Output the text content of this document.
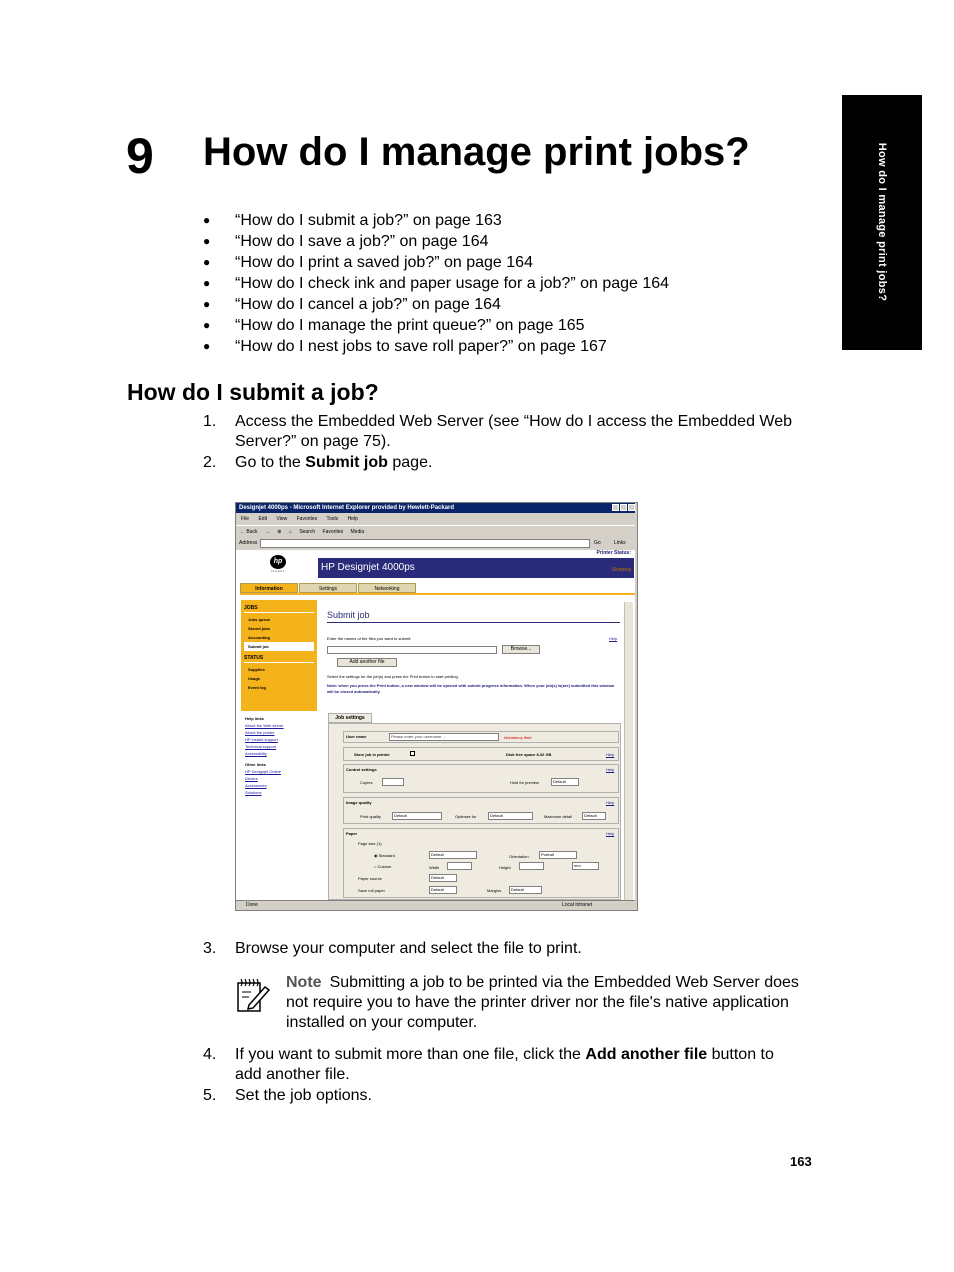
How do I manage print jobs?
9 How do I manage print jobs?
● “How do I submit a job?” on page 163
● “How do I save a job?” on page 164
● “How do I print a saved job?” on page 164
● “How do I check ink and paper usage for a job?” on page 164
● “How do I cancel a job?” on page 164
● “How do I manage the print queue?” on page 165
● “How do I nest jobs to save roll paper?” on page 167
How do I submit a job?
1. Access the Embedded Web Server (see “How do I access the Embedded Web Server?” on page 75).
2. Go to the Submit job page.
Designjet 4000ps - Microsoft Internet Explorer provided by Hewlett-Packard
File Edit View Favorites Tools Help
← Back → ⊗ ⌂ Search Favorites Media
Address	Go	Links
hp
invent	HP Designjet 4000ps
Printer Status:
Sleeping
Information	Settings	Networking
JOBS
Jobs queue
Stored jobs
Accounting
Submit job
STATUS
Supplies
Usage
Event log
Help links
About the Web server
About the printer
HP instant support
Technical support
Accessibility
Other links
HP Designjet Online
Drivers
Accessories
Solutions
Submit job
Enter the names of the files you want to submit:	Help
Browse...
Add another file
Select the settings for the job(s) and press the Print button to start printing.
Note: when you press the Print button, a new window will be opened with submit progress information. When your job(s) is(are) submitted this window will be closed automatically.
Job settings
User name	Please enter your username ...	Mandatory field
Store job in printer	Disk free space 8.32 GB	Help
Control settings	Help
Copies	Hold for preview	Default
Image quality	Help
Print quality	Default	Optimize for	Default	Maximum detail	Default
Paper	Help
Page size (1)
◉ Standard
○ Custom
Default	Orientation	Portrait
Width	Height	mm
Paper source	Default
Save roll paper	Default	Margins	Default
Done	Local intranet
3. Browse your computer and select the file to print.
Note Submitting a job to be printed via the Embedded Web Server does not require you to have the printer driver nor the file's native application installed on your computer.
4. If you want to submit more than one file, click the Add another file button to add another file.
5. Set the job options.
163
